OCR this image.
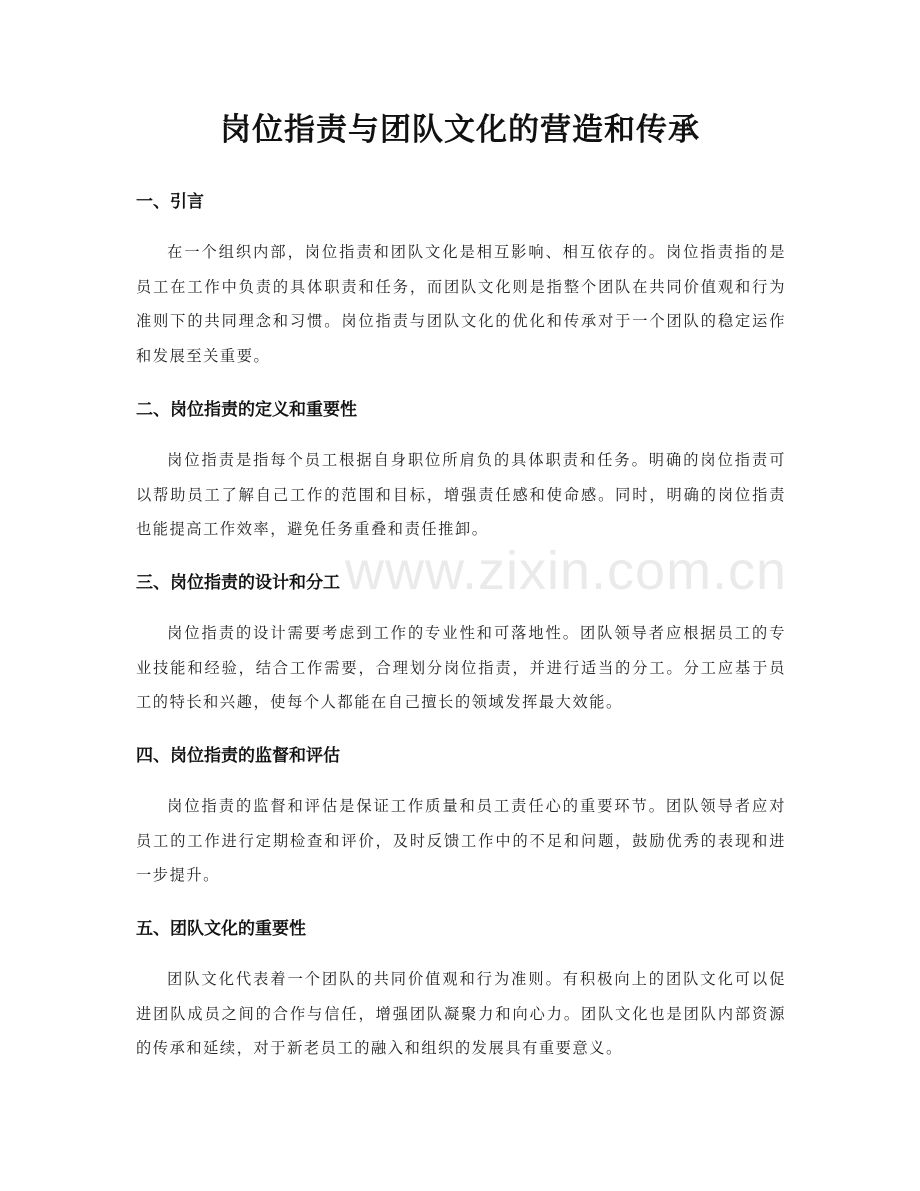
www.zixin.com.cn
岗位指责与团队文化的营造和传承
一、引言

在一个组织内部，岗位指责和团队文化是相互影响、相互依存的。岗位指责指的是员工在工作中负责的具体职责和任务，而团队文化则是指整个团队在共同价值观和行为准则下的共同理念和习惯。岗位指责与团队文化的优化和传承对于一个团队的稳定运作和发展至关重要。

二、岗位指责的定义和重要性

岗位指责是指每个员工根据自身职位所肩负的具体职责和任务。明确的岗位指责可以帮助员工了解自己工作的范围和目标，增强责任感和使命感。同时，明确的岗位指责也能提高工作效率，避免任务重叠和责任推卸。

三、岗位指责的设计和分工

岗位指责的设计需要考虑到工作的专业性和可落地性。团队领导者应根据员工的专业技能和经验，结合工作需要，合理划分岗位指责，并进行适当的分工。分工应基于员工的特长和兴趣，使每个人都能在自己擅长的领域发挥最大效能。

四、岗位指责的监督和评估

岗位指责的监督和评估是保证工作质量和员工责任心的重要环节。团队领导者应对员工的工作进行定期检查和评价，及时反馈工作中的不足和问题，鼓励优秀的表现和进一步提升。

五、团队文化的重要性

团队文化代表着一个团队的共同价值观和行为准则。有积极向上的团队文化可以促进团队成员之间的合作与信任，增强团队凝聚力和向心力。团队文化也是团队内部资源的传承和延续，对于新老员工的融入和组织的发展具有重要意义。
